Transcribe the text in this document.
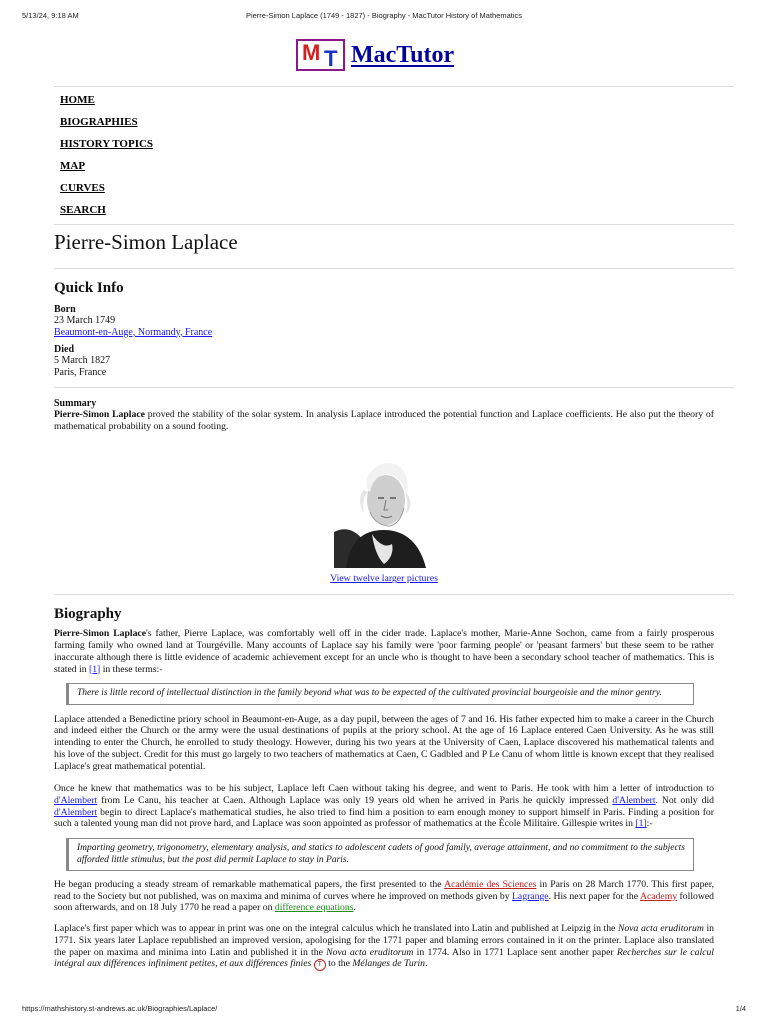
5/13/24, 9:18 AM	Pierre-Simon Laplace (1749 - 1827) - Biography - MacTutor History of Mathematics
M T MacTutor
HOME
BIOGRAPHIES
HISTORY TOPICS
MAP
CURVES
SEARCH
Pierre-Simon Laplace
Quick Info
Born
23 March 1749
Beaumont-en-Auge, Normandy, France
Died
5 March 1827
Paris, France
Summary

Pierre-Simon Laplace proved the stability of the solar system. In analysis Laplace introduced the potential function and Laplace coefficients. He also put the theory of mathematical probability on a sound footing.

View twelve larger pictures
Biography

Pierre-Simon Laplace's father, Pierre Laplace, was comfortably well off in the cider trade. Laplace's mother, Marie-Anne Sochon, came from a fairly prosperous farming family who owned land at Tourgéville. Many accounts of Laplace say his family were 'poor farming people' or 'peasant farmers' but these seem to be rather inaccurate although there is little evidence of academic achievement except for an uncle who is thought to have been a secondary school teacher of mathematics. This is stated in [1] in these terms:-

There is little record of intellectual distinction in the family beyond what was to be expected of the cultivated provincial bourgeoisie and the minor gentry.

Laplace attended a Benedictine priory school in Beaumont-en-Auge, as a day pupil, between the ages of 7 and 16. His father expected him to make a career in the Church and indeed either the Church or the army were the usual destinations of pupils at the priory school. At the age of 16 Laplace entered Caen University. As he was still intending to enter the Church, he enrolled to study theology. However, during his two years at the University of Caen, Laplace discovered his mathematical talents and his love of the subject. Credit for this must go largely to two teachers of mathematics at Caen, C Gadbled and P Le Canu of whom little is known except that they realised Laplace's great mathematical potential.

Once he knew that mathematics was to be his subject, Laplace left Caen without taking his degree, and went to Paris. He took with him a letter of introduction to d'Alembert from Le Canu, his teacher at Caen. Although Laplace was only 19 years old when he arrived in Paris he quickly impressed d'Alembert. Not only did d'Alembert begin to direct Laplace's mathematical studies, he also tried to find him a position to earn enough money to support himself in Paris. Finding a position for such a talented young man did not prove hard, and Laplace was soon appointed as professor of mathematics at the École Militaire. Gillespie writes in [1]:-

Imparting geometry, trigonometry, elementary analysis, and statics to adolescent cadets of good family, average attainment, and no commitment to the subjects afforded little stimulus, but the post did permit Laplace to stay in Paris.

He began producing a steady stream of remarkable mathematical papers, the first presented to the Académie des Sciences in Paris on 28 March 1770. This first paper, read to the Society but not published, was on maxima and minima of curves where he improved on methods given by Lagrange. His next paper for the Academy followed soon afterwards, and on 18 July 1770 he read a paper on difference equations.

Laplace's first paper which was to appear in print was one on the integral calculus which he translated into Latin and published at Leipzig in the Nova acta eruditorum in 1771. Six years later Laplace republished an improved version, apologising for the 1771 paper and blaming errors contained in it on the printer. Laplace also translated the paper on maxima and minima into Latin and published it in the Nova acta eruditorum in 1774. Also in 1771 Laplace sent another paper Recherches sur le calcul intégral aux différences infiniment petites, et aux différences finies T to the Mélanges de Turin.

https://mathshistory.st-andrews.ac.uk/Biographies/Laplace/	1/4
